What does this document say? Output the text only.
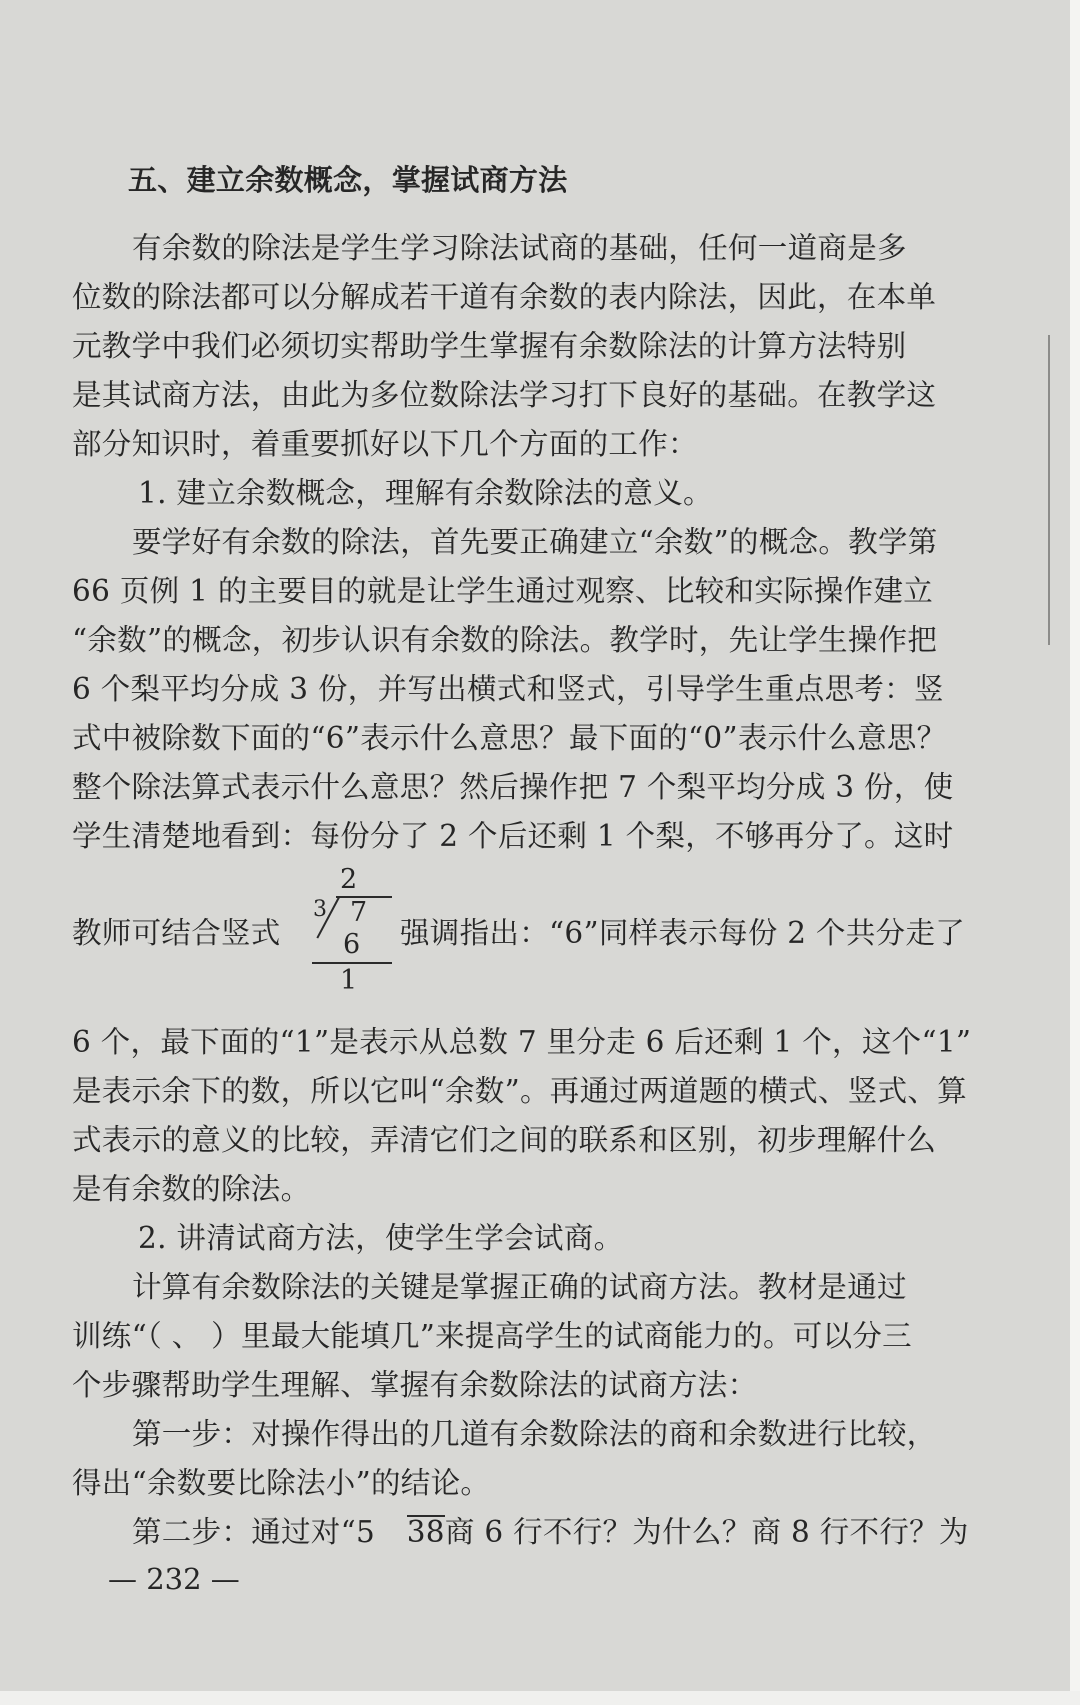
五、建立余数概念，掌握试商方法
有余数的除法是学生学习除法试商的基础，任何一道商是多
位数的除法都可以分解成若干道有余数的表内除法，因此，在本单
元教学中我们必须切实帮助学生掌握有余数除法的计算方法特别
是其试商方法，由此为多位数除法学习打下良好的基础。在教学这
部分知识时，着重要抓好以下几个方面的工作：
1. 建立余数概念，理解有余数除法的意义。
要学好有余数的除法，首先要正确建立“余数”的概念。教学第
66 页例 1 的主要目的就是让学生通过观察、比较和实际操作建立
“余数”的概念，初步认识有余数的除法。教学时，先让学生操作把
6 个梨平均分成 3 份，并写出横式和竖式，引导学生重点思考：竖
式中被除数下面的“6”表示什么意思？最下面的“0”表示什么意思？
整个除法算式表示什么意思？然后操作把 7 个梨平均分成 3 份，使
学生清楚地看到：每份分了 2 个后还剩 1 个梨，不够再分了。这时
教师可结合竖式	强调指出：“6”同样表示每份 2 个共分走了
2
3 7
6
1
6 个，最下面的“1”是表示从总数 7 里分走 6 后还剩 1 个，这个“1”
是表示余下的数，所以它叫“余数”。再通过两道题的横式、竖式、算
式表示的意义的比较，弄清它们之间的联系和区别，初步理解什么
是有余数的除法。
2. 讲清试商方法，使学生学会试商。
计算有余数除法的关键是掌握正确的试商方法。教材是通过
训练“（ 、 ）里最大能填几”来提高学生的试商能力的。可以分三
个步骤帮助学生理解、掌握有余数除法的试商方法：
第一步：对操作得出的几道有余数除法的商和余数进行比较，
得出“余数要比除法小”的结论。
第二步：通过对“5 38商 6 行不行？为什么？商 8 行不行？为
— 232 —
